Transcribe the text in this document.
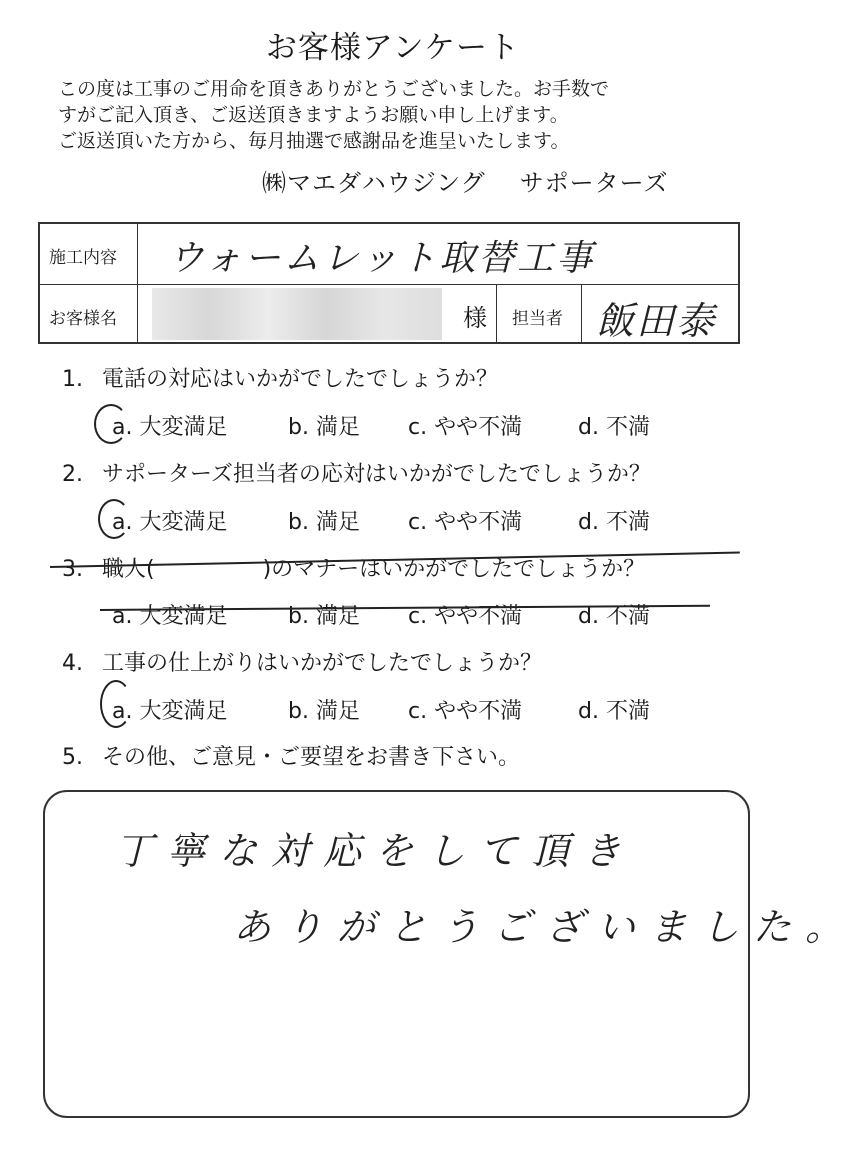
お客様アンケート
この度は工事のご用命を頂きありがとうございました。お手数で
すがご記入頂き、ご返送頂きますようお願い申し上げます。
ご返送頂いた方から、毎月抽選で感謝品を進呈いたします。
㈱マエダハウジング サポーターズ
施工内容 ウォームレット取替工事
お客様名	様 担当者 飯田泰
1. 電話の対応はいかがでしたでしょうか？
a. 大変満足	b. 満足 c. やや不満	d. 不満
2. サポーターズ担当者の応対はいかがでしたでしょうか？
a. 大変満足	b. 満足 c. やや不満	d. 不満
3. 職人(	)のマナーはいかがでしたでしょうか？
a. 大変満足	b. 満足 c. やや不満	d. 不満
4. 工事の仕上がりはいかがでしたでしょうか？
a. 大変満足	b. 満足 c. やや不満	d. 不満
5. その他、ご意見・ご要望をお書き下さい。
丁寧な対応をして頂き
ありがとうございました。
